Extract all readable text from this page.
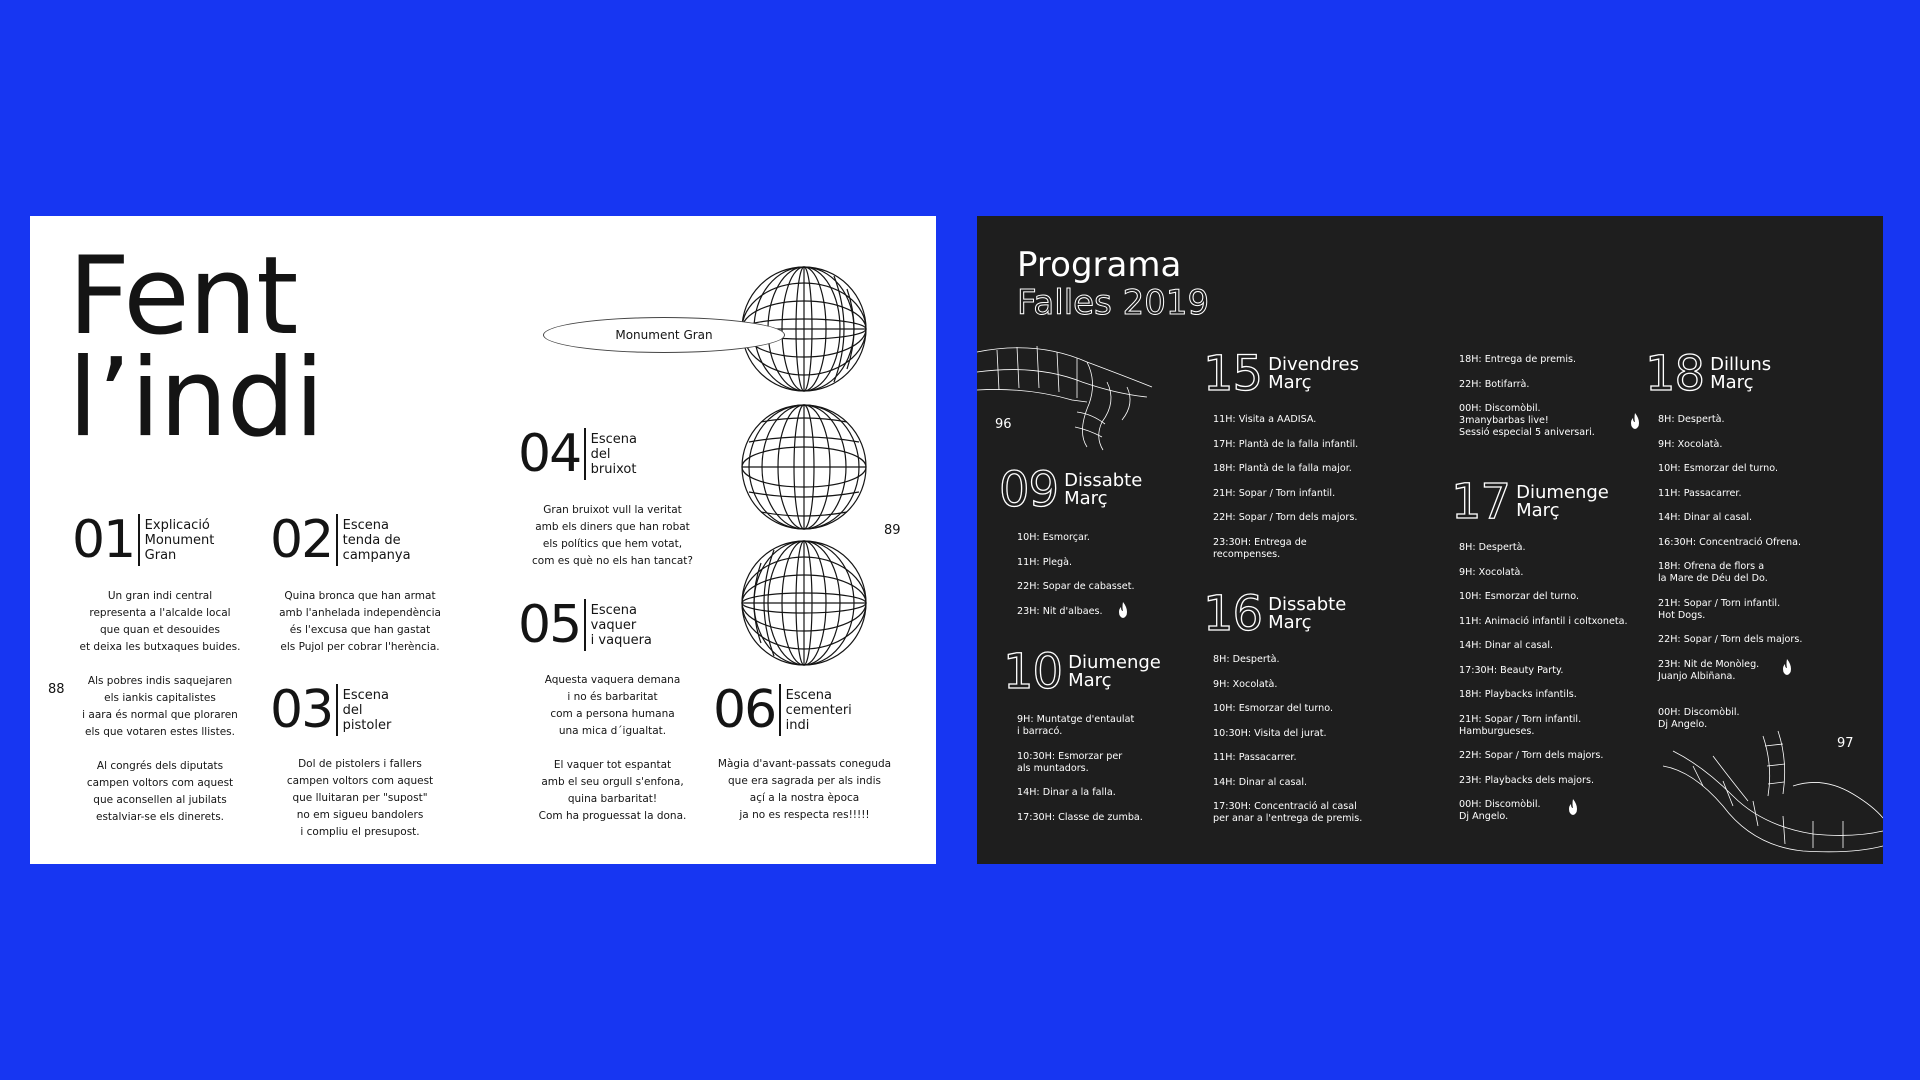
Fent
l’indi
Monument Gran
01 Explicació
Monument
Gran

Un gran indi central

representa a l'alcalde local

que quan et desouides

et deixa les butxaques buides.

Als pobres indis saquejaren

els iankis capitalistes

i aara és normal que ploraren

els que votaren estes llistes.

Al congrés dels diputats

campen voltors com aquest

que aconsellen al jubilats

estalviar-se els dinerets.

02 Escena
tenda de
campanya

Quina bronca que han armat

amb l'anhelada independència

és l'excusa que han gastat

els Pujol per cobrar l'herència.

03 Escena
del
pistoler

Dol de pistolers i fallers

campen voltors com aquest

que lluitaran per "supost"

no em sigueu bandolers

i compliu el presupost.

04 Escena
del
bruixot

Gran bruixot vull la veritat

amb els diners que han robat

els polítics que hem votat,

com es què no els han tancat?

05 Escena
vaquer
i vaquera

Aquesta vaquera demana

i no és barbaritat

com a persona humana

una mica d´igualtat.

El vaquer tot espantat

amb el seu orgull s'enfona,

quina barbaritat!

Com ha proguessat la dona.

06 Escena
cementeri
indi

Màgia d'avant-passats coneguda

que era sagrada per als indis

açí a la nostra època

ja no es respecta res!!!!!

88
89
Programa
Falles 2019
96
97
09 Dissabte
Març
10H: Esmorçar.
11H: Plegà.
22H: Sopar de cabasset.
23H: Nit d'albaes.

10 Diumenge
Març
9H: Muntatge d'entaulat
i barracó.
10:30H: Esmorzar per
als muntadors.
14H: Dinar a la falla.
17:30H: Classe de zumba.
15 Divendres
Març
11H: Visita a AADISA.
17H: Plantà de la falla infantil.
18H: Plantà de la falla major.
21H: Sopar / Torn infantil.
22H: Sopar / Torn dels majors.
23:30H: Entrega de
recompenses.
16 Dissabte
Març
8H: Despertà.
9H: Xocolatà.
10H: Esmorzar del turno.
10:30H: Visita del jurat.
11H: Passacarrer.
14H: Dinar al casal.
17:30H: Concentració al casal
per anar a l'entrega de premis.
18H: Entrega de premis.
22H: Botifarrà.
00H: Discomòbil.
3manybarbas live!
Sessió especial 5 aniversari.

17 Diumenge
Març
8H: Despertà.
9H: Xocolatà.
10H: Esmorzar del turno.
11H: Animació infantil i coltxoneta.
14H: Dinar al casal.
17:30H: Beauty Party.
18H: Playbacks infantils.
21H: Sopar / Torn infantil.
Hamburgueses.
22H: Sopar / Torn dels majors.
23H: Playbacks dels majors.
00H: Discomòbil.
Dj Angelo.

18 Dilluns
Març
8H: Despertà.
9H: Xocolatà.
10H: Esmorzar del turno.
11H: Passacarrer.
14H: Dinar al casal.
16:30H: Concentració Ofrena.
18H: Ofrena de flors a
la Mare de Déu del Do.
21H: Sopar / Torn infantil.
Hot Dogs.
22H: Sopar / Torn dels majors.
23H: Nit de Monòleg.
Juanjo Albiñana.

00H: Discomòbil.
Dj Angelo.
